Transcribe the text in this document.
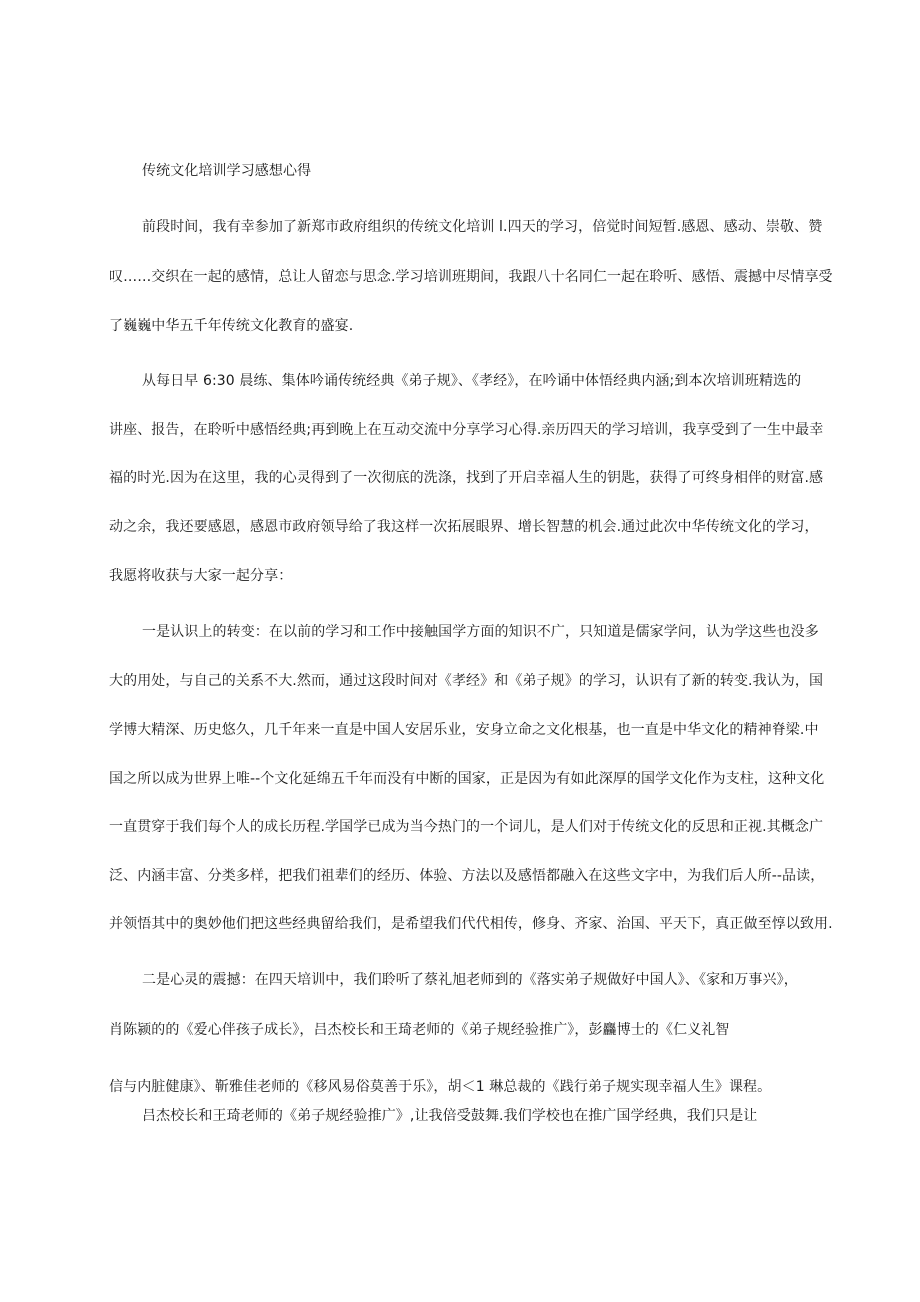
传统文化培训学习感想心得
前段时间，我有幸参加了新郑市政府组织的传统文化培训 l.四天的学习，倍觉时间短暂.感恩、感动、崇敬、赞
叹……交织在一起的感情，总让人留恋与思念.学习培训班期间，我跟八十名同仁一起在聆听、感悟、震撼中尽情享受
了巍巍中华五千年传统文化教育的盛宴.
从每日早 6:30 晨练、集体吟诵传统经典《弟子规》、《孝经》，在吟诵中体悟经典内涵;到本次培训班精选的
讲座、报告，在聆听中感悟经典;再到晚上在互动交流中分享学习心得.亲历四天的学习培训，我享受到了一生中最幸
福的时光.因为在这里，我的心灵得到了一次彻底的洗涤，找到了开启幸福人生的钥匙，获得了可终身相伴的财富.感
动之余，我还要感恩，感恩市政府领导给了我这样一次拓展眼界、增长智慧的机会.通过此次中华传统文化的学习，
我愿将收获与大家一起分享：
一是认识上的转变：在以前的学习和工作中接触国学方面的知识不广，只知道是儒家学问，认为学这些也没多
大的用处，与自己的关系不大.然而，通过这段时间对《孝经》和《弟子规》的学习，认识有了新的转变.我认为，国
学博大精深、历史悠久，几千年来一直是中国人安居乐业，安身立命之文化根基，也一直是中华文化的精神脊梁.中
国之所以成为世界上唯--个文化延绵五千年而没有中断的国家，正是因为有如此深厚的国学文化作为支柱，这种文化
一直贯穿于我们每个人的成长历程.学国学已成为当今热门的一个词儿，是人们对于传统文化的反思和正视.其概念广
泛、内涵丰富、分类多样，把我们祖辈们的经历、体验、方法以及感悟都融入在这些文字中，为我们后人所--品读，
并领悟其中的奥妙他们把这些经典留给我们，是希望我们代代相传，修身、齐家、治国、平天下，真正做至惇以致用.
二是心灵的震撼：在四天培训中，我们聆听了蔡礼旭老师到的《落实弟子规做好中国人》、《家和万事兴》，
肖陈颍的的《爱心伴孩子成长》，吕杰校长和王琦老师的《弟子规经验推广》，彭麤博士的《仁义礼智
信与内脏健康》、靳雅佳老师的《移风易俗莫善于乐》，胡＜1 琳总裁的《践行弟子规实现幸福人生》课程。
吕杰校长和王琦老师的《弟子规经验推广》,让我倍受鼓舞.我们学校也在推广国学经典，我们只是让
